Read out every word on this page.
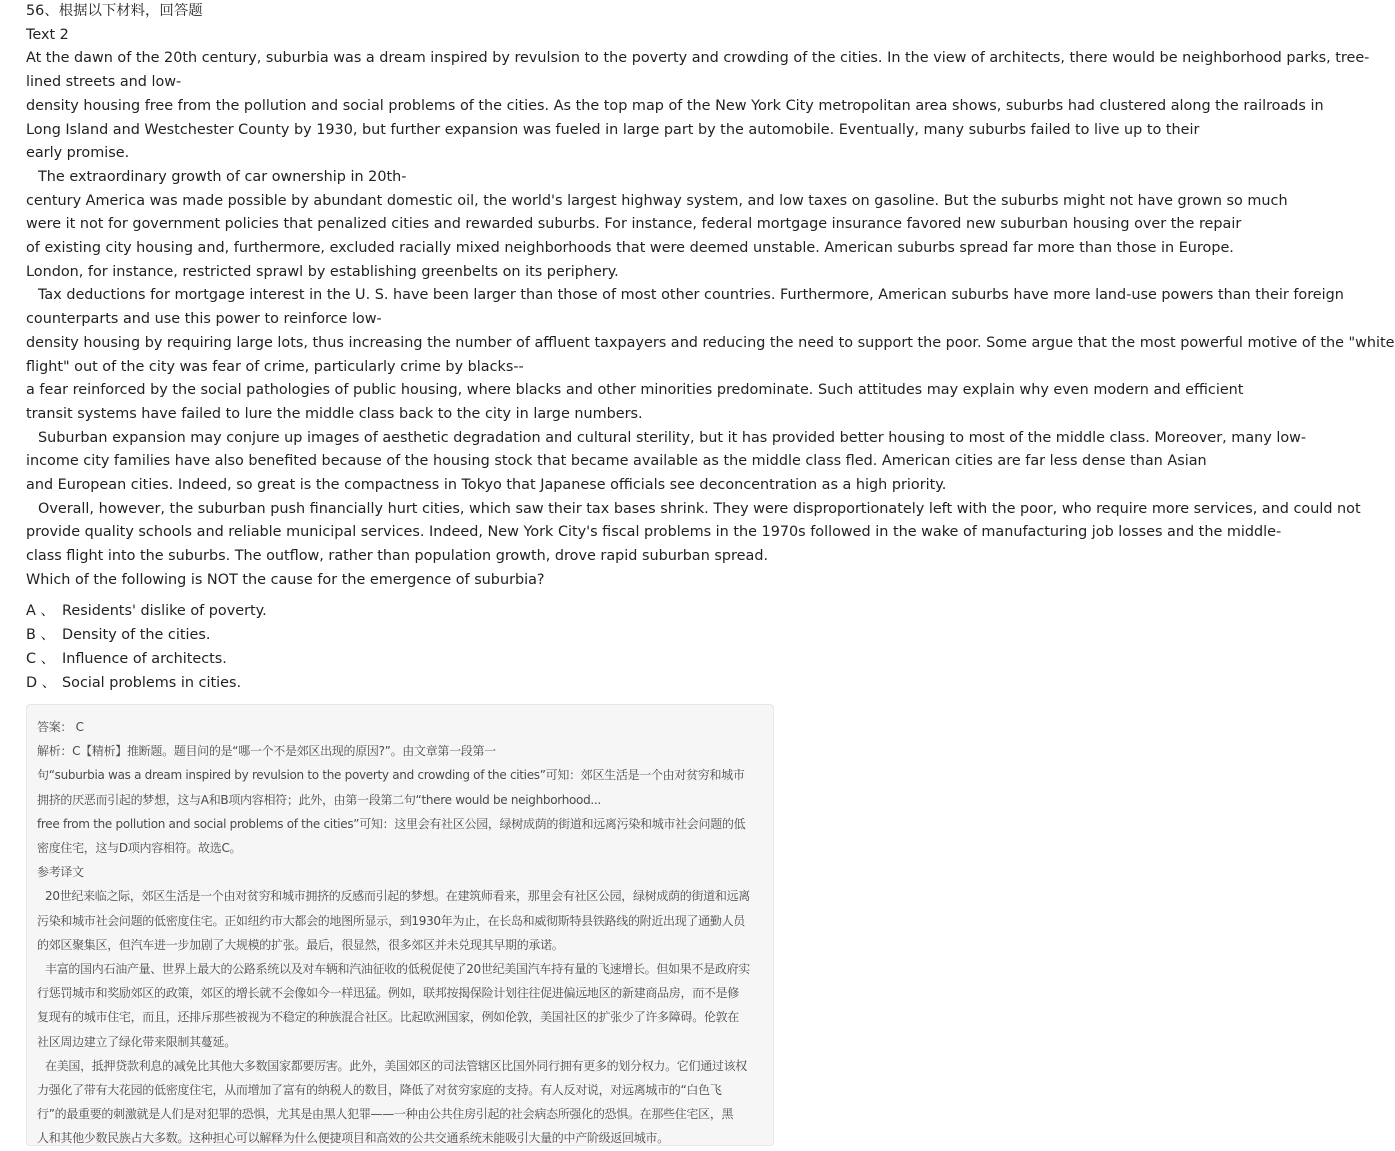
56、根据以下材料，回答题
Text 2
At the dawn of the 20th century, suburbia was a dream inspired by revulsion to the poverty and crowding of the cities. In the view of architects, there would be neighborhood parks, tree-
lined streets and low-
density housing free from the pollution and social problems of the cities. As the top map of the New York City metropolitan area shows, suburbs had clustered along the railroads in
Long Island and Westchester County by 1930, but further expansion was fueled in large part by the automobile. Eventually, many suburbs failed to live up to their
early promise.
The extraordinary growth of car ownership in 20th-
century America was made possible by abundant domestic oil, the world's largest highway system, and low taxes on gasoline. But the suburbs might not have grown so much
were it not for government policies that penalized cities and rewarded suburbs. For instance, federal mortgage insurance favored new suburban housing over the repair
of existing city housing and, furthermore, excluded racially mixed neighborhoods that were deemed unstable. American suburbs spread far more than those in Europe.
London, for instance, restricted sprawl by establishing greenbelts on its periphery.
Tax deductions for mortgage interest in the U. S. have been larger than those of most other countries. Furthermore, American suburbs have more land-use powers than their foreign
counterparts and use this power to reinforce low-
density housing by requiring large lots, thus increasing the number of affluent taxpayers and reducing the need to support the poor. Some argue that the most powerful motive of the "white
flight" out of the city was fear of crime, particularly crime by blacks--
a fear reinforced by the social pathologies of public housing, where blacks and other minorities predominate. Such attitudes may explain why even modern and efficient
transit systems have failed to lure the middle class back to the city in large numbers.
Suburban expansion may conjure up images of aesthetic degradation and cultural sterility, but it has provided better housing to most of the middle class. Moreover, many low-
income city families have also benefited because of the housing stock that became available as the middle class fled. American cities are far less dense than Asian
and European cities. Indeed, so great is the compactness in Tokyo that Japanese officials see deconcentration as a high priority.
Overall, however, the suburban push financially hurt cities, which saw their tax bases shrink. They were disproportionately left with the poor, who require more services, and could not
provide quality schools and reliable municipal services. Indeed, New York City's fiscal problems in the 1970s followed in the wake of manufacturing job losses and the middle-
class flight into the suburbs. The outflow, rather than population growth, drove rapid suburban spread.
Which of the following is NOT the cause for the emergence of suburbia?
A 、 Residents' dislike of poverty.
B 、 Density of the cities.
C 、 Influence of architects.
D 、 Social problems in cities.
答案： C
解析：C【精析】推断题。题目问的是“哪一个不是郊区出现的原因?”。由文章第一段第一
句“suburbia was a dream inspired by revulsion to the poverty and crowding of the cities”可知：郊区生活是一个由对贫穷和城市
拥挤的厌恶而引起的梦想，这与A和B项内容相符；此外，由第一段第二句“there would be neighborhood...
free from the pollution and social problems of the cities”可知：这里会有社区公园，绿树成荫的街道和远离污染和城市社会问题的低
密度住宅，这与D项内容相符。故选C。
参考译文
20世纪来临之际，郊区生活是一个由对贫穷和城市拥挤的反感而引起的梦想。在建筑师看来，那里会有社区公园，绿树成荫的街道和远离
污染和城市社会问题的低密度住宅。正如纽约市大都会的地图所显示，到1930年为止，在长岛和威彻斯特县铁路线的附近出现了通勤人员
的郊区聚集区，但汽车进一步加剧了大规模的扩张。最后，很显然，很多郊区并未兑现其早期的承诺。
丰富的国内石油产量、世界上最大的公路系统以及对车辆和汽油征收的低税促使了20世纪美国汽车持有量的飞速增长。但如果不是政府实
行惩罚城市和奖励郊区的政策，郊区的增长就不会像如今一样迅猛。例如，联邦按揭保险计划往往促进偏远地区的新建商品房，而不是修
复现有的城市住宅，而且，还排斥那些被视为不稳定的种族混合社区。比起欧洲国家，例如伦敦，美国社区的扩张少了许多障碍。伦敦在
社区周边建立了绿化带来限制其蔓延。
在美国，抵押贷款利息的减免比其他大多数国家都要厉害。此外，美国郊区的司法管辖区比国外同行拥有更多的划分权力。它们通过该权
力强化了带有大花园的低密度住宅，从而增加了富有的纳税人的数目，降低了对贫穷家庭的支持。有人反对说，对远离城市的“白色飞
行”的最重要的刺激就是人们是对犯罪的恐惧，尤其是由黑人犯罪——一种由公共住房引起的社会病态所强化的恐惧。在那些住宅区，黑
人和其他少数民族占大多数。这种担心可以解释为什么便捷项目和高效的公共交通系统未能吸引大量的中产阶级返回城市。
